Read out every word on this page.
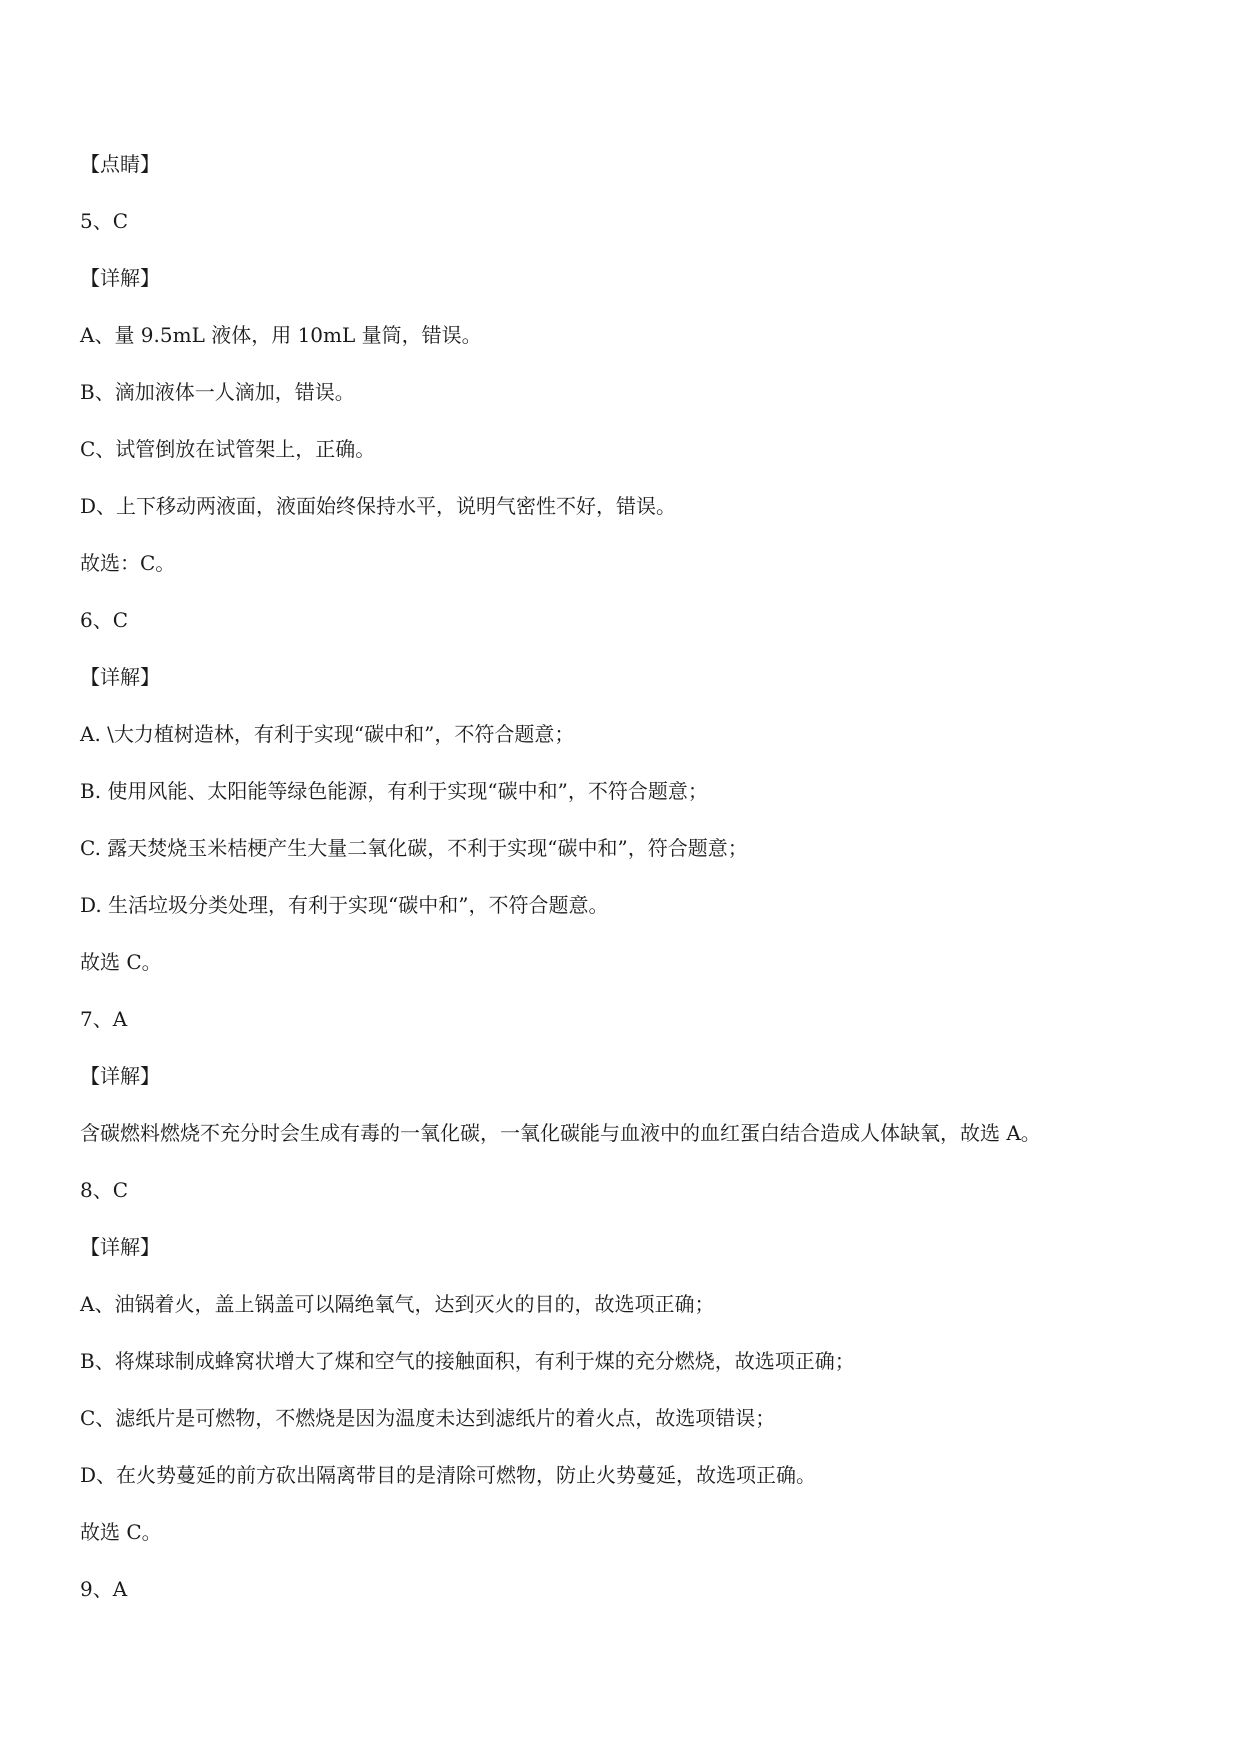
【点睛】
5、C
【详解】
A、量 9.5mL 液体，用 10mL 量筒，错误。
B、滴加液体一人滴加，错误。
C、试管倒放在试管架上，正确。
D、上下移动两液面，液面始终保持水平，说明气密性不好，错误。
故选：C。
6、C
【详解】
A. \大力植树造林，有利于实现“碳中和”，不符合题意；
B. 使用风能、太阳能等绿色能源，有利于实现“碳中和”，不符合题意；
C. 露天焚烧玉米桔梗产生大量二氧化碳，不利于实现“碳中和”，符合题意；
D. 生活垃圾分类处理，有利于实现“碳中和”，不符合题意。
故选 C。
7、A
【详解】
含碳燃料燃烧不充分时会生成有毒的一氧化碳，一氧化碳能与血液中的血红蛋白结合造成人体缺氧，故选 A。
8、C
【详解】
A、油锅着火，盖上锅盖可以隔绝氧气，达到灭火的目的，故选项正确；
B、将煤球制成蜂窝状增大了煤和空气的接触面积，有利于煤的充分燃烧，故选项正确；
C、滤纸片是可燃物，不燃烧是因为温度未达到滤纸片的着火点，故选项错误；
D、在火势蔓延的前方砍出隔离带目的是清除可燃物，防止火势蔓延，故选项正确。
故选 C。
9、A
